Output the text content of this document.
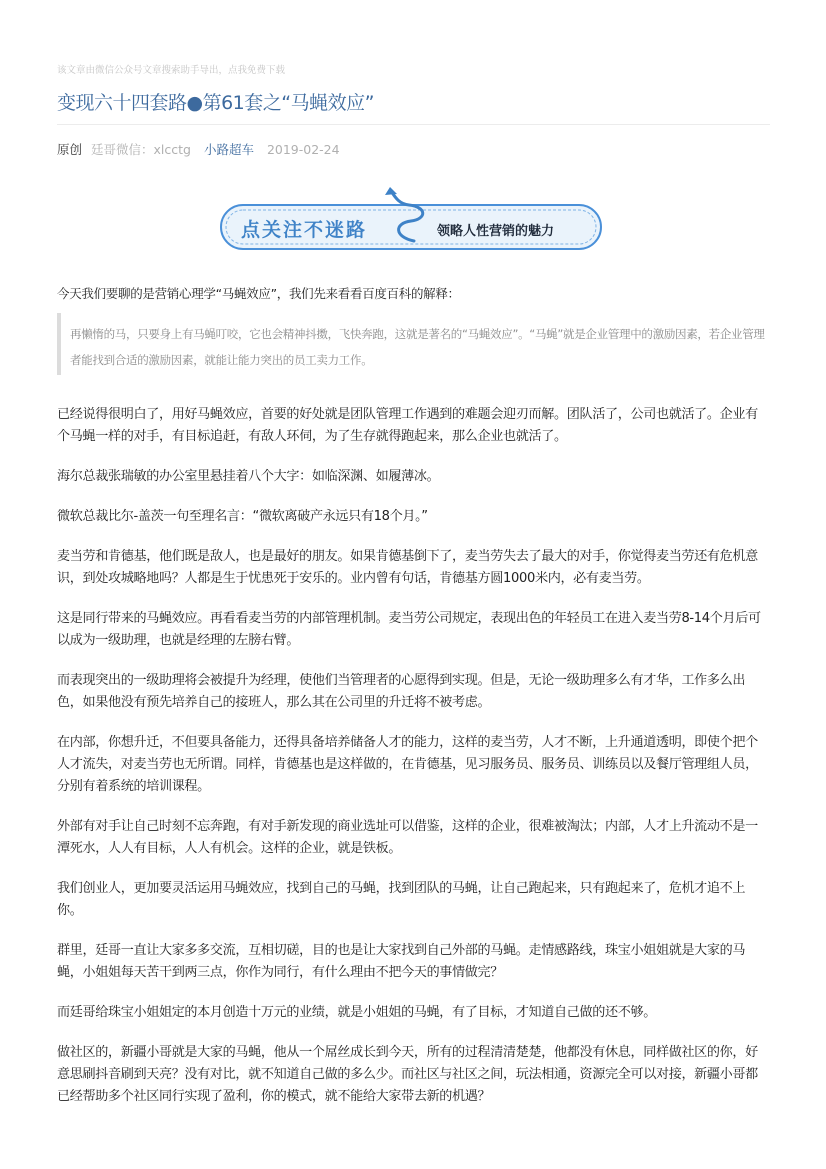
该文章由微信公众号文章搜索助手导出，点我免费下载
变现六十四套路●第61套之“马蝇效应”
原创 廷哥微信：xlcctg 小路超车 2019-02-24
点关注不迷路	领略人性营销的魅力

今天我们要聊的是营销心理学“马蝇效应”，我们先来看看百度百科的解释：

再懒惰的马，只要身上有马蝇叮咬，它也会精神抖擞，飞快奔跑，这就是著名的“马蝇效应”。“马蝇”就是企业管理中的激励因素，若企业管理者能找到合适的激励因素，就能让能力突出的员工卖力工作。

已经说得很明白了，用好马蝇效应，首要的好处就是团队管理工作遇到的难题会迎刃而解。团队活了，公司也就活了。企业有个马蝇一样的对手，有目标追赶，有敌人环伺，为了生存就得跑起来，那么企业也就活了。

海尔总裁张瑞敏的办公室里悬挂着八个大字：如临深渊、如履薄冰。

微软总裁比尔-盖茨一句至理名言：“微软离破产永远只有18个月。”

麦当劳和肯德基，他们既是敌人，也是最好的朋友。如果肯德基倒下了，麦当劳失去了最大的对手，你觉得麦当劳还有危机意识，到处攻城略地吗？人都是生于忧患死于安乐的。业内曾有句话，肯德基方圆1000米内，必有麦当劳。

这是同行带来的马蝇效应。再看看麦当劳的内部管理机制。麦当劳公司规定，表现出色的年轻员工在进入麦当劳8-14个月后可以成为一级助理，也就是经理的左膀右臂。

而表现突出的一级助理将会被提升为经理，使他们当管理者的心愿得到实现。但是，无论一级助理多么有才华，工作多么出色，如果他没有预先培养自己的接班人，那么其在公司里的升迁将不被考虑。

在内部，你想升迁，不但要具备能力，还得具备培养储备人才的能力，这样的麦当劳，人才不断，上升通道透明，即使个把个人才流失，对麦当劳也无所谓。同样，肯德基也是这样做的，在肯德基，见习服务员、服务员、训练员以及餐厅管理组人员，分别有着系统的培训课程。

外部有对手让自己时刻不忘奔跑，有对手新发现的商业选址可以借鉴，这样的企业，很难被淘汰；内部，人才上升流动不是一潭死水，人人有目标，人人有机会。这样的企业，就是铁板。

我们创业人，更加要灵活运用马蝇效应，找到自己的马蝇，找到团队的马蝇，让自己跑起来，只有跑起来了，危机才追不上你。

群里，廷哥一直让大家多多交流，互相切磋，目的也是让大家找到自己外部的马蝇。走情感路线，珠宝小姐姐就是大家的马蝇，小姐姐每天苦干到两三点，你作为同行，有什么理由不把今天的事情做完？

而廷哥给珠宝小姐姐定的本月创造十万元的业绩，就是小姐姐的马蝇，有了目标，才知道自己做的还不够。

做社区的，新疆小哥就是大家的马蝇，他从一个屌丝成长到今天，所有的过程清清楚楚，他都没有休息，同样做社区的你，好意思刷抖音刷到天亮？没有对比，就不知道自己做的多么少。而社区与社区之间，玩法相通，资源完全可以对接，新疆小哥都已经帮助多个社区同行实现了盈利，你的模式，就不能给大家带去新的机遇？
